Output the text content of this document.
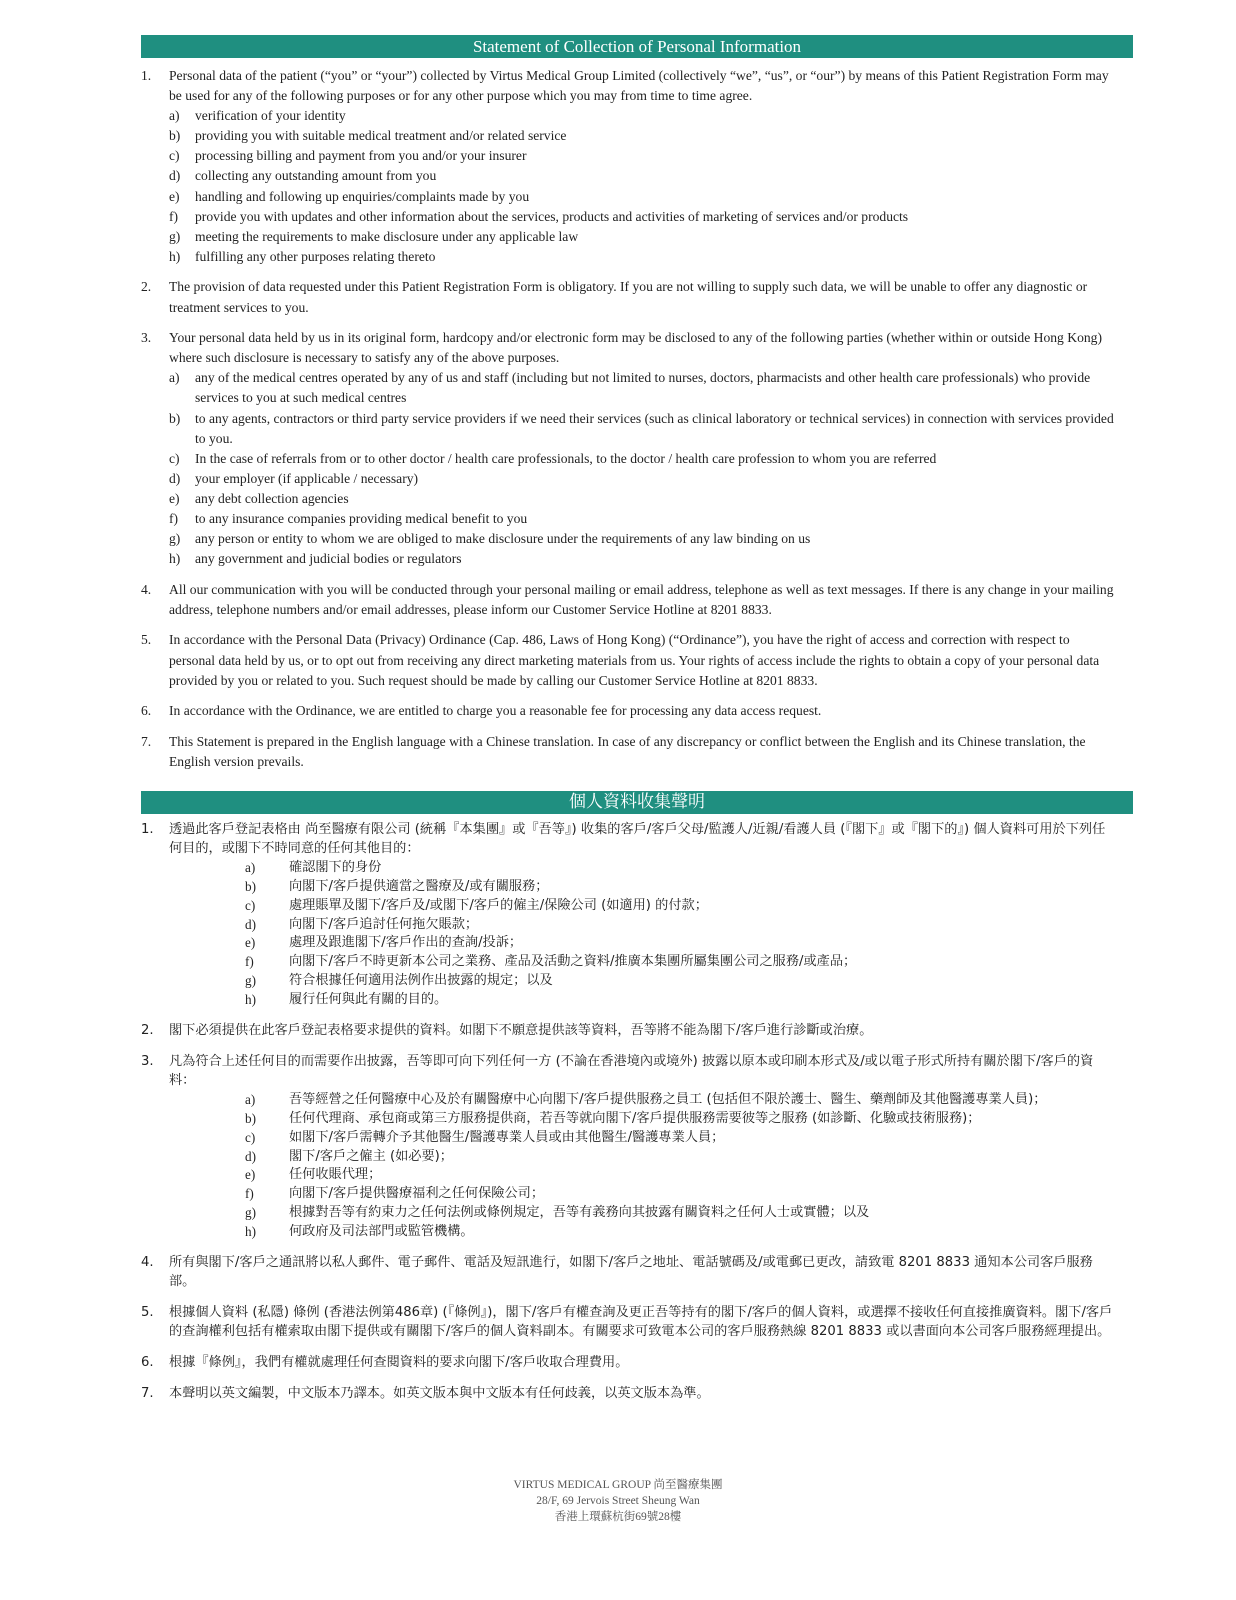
Statement of Collection of Personal Information
1. Personal data of the patient (“you” or “your”) collected by Virtus Medical Group Limited (collectively “we”, “us”, or “our”) by means of this Patient Registration Form may be used for any of the following purposes or for any other purpose which you may from time to time agree.

a) verification of your identity
b) providing you with suitable medical treatment and/or related service
c) processing billing and payment from you and/or your insurer
d) collecting any outstanding amount from you
e) handling and following up enquiries/complaints made by you
f) provide you with updates and other information about the services, products and activities of marketing of services and/or products
g) meeting the requirements to make disclosure under any applicable law
h) fulfilling any other purposes relating thereto
2. The provision of data requested under this Patient Registration Form is obligatory. If you are not willing to supply such data, we will be unable to offer any diagnostic or treatment services to you.

3. Your personal data held by us in its original form, hardcopy and/or electronic form may be disclosed to any of the following parties (whether within or outside Hong Kong) where such disclosure is necessary to satisfy any of the above purposes.

a) any of the medical centres operated by any of us and staff (including but not limited to nurses, doctors, pharmacists and other health care professionals) who provide services to you at such medical centres
b) to any agents, contractors or third party service providers if we need their services (such as clinical laboratory or technical services) in connection with services provided to you.
c) In the case of referrals from or to other doctor / health care professionals, to the doctor / health care profession to whom you are referred
d) your employer (if applicable / necessary)
e) any debt collection agencies
f) to any insurance companies providing medical benefit to you
g) any person or entity to whom we are obliged to make disclosure under the requirements of any law binding on us
h) any government and judicial bodies or regulators
4. All our communication with you will be conducted through your personal mailing or email address, telephone as well as text messages. If there is any change in your mailing address, telephone numbers and/or email addresses, please inform our Customer Service Hotline at 8201 8833.

5. In accordance with the Personal Data (Privacy) Ordinance (Cap. 486, Laws of Hong Kong) (“Ordinance”), you have the right of access and correction with respect to personal data held by us, or to opt out from receiving any direct marketing materials from us. Your rights of access include the rights to obtain a copy of your personal data provided by you or related to you. Such request should be made by calling our Customer Service Hotline at 8201 8833.

6. In accordance with the Ordinance, we are entitled to charge you a reasonable fee for processing any data access request.

7. This Statement is prepared in the English language with a Chinese translation. In case of any discrepancy or conflict between the English and its Chinese translation, the English version prevails.

個人資料收集聲明
1. 透過此客戶登記表格由 尚至醫療有限公司 (統稱『本集團』或『吾等』) 收集的客戶/客戶父母/監護人/近親/看護人員 (『閣下』或『閣下的』) 個人資料可用於下列任何目的，或閣下不時同意的任何其他目的：

a)	確認閣下的身份
b)	向閣下/客戶提供適當之醫療及/或有關服務；
c)	處理賬單及閣下/客戶及/或閣下/客戶的僱主/保險公司 (如適用) 的付款；
d)	向閣下/客戶追討任何拖欠賬款；
e)	處理及跟進閣下/客戶作出的查詢/投訴；
f)	向閣下/客戶不時更新本公司之業務、產品及活動之資料/推廣本集團所屬集團公司之服務/或產品；
g)	符合根據任何適用法例作出披露的規定；以及
h)	履行任何與此有關的目的。
2. 閣下必須提供在此客戶登記表格要求提供的資料。如閣下不願意提供該等資料，吾等將不能為閣下/客戶進行診斷或治療。

3. 凡為符合上述任何目的而需要作出披露，吾等即可向下列任何一方 (不論在香港境內或境外) 披露以原本或印刷本形式及/或以電子形式所持有關於閣下/客戶的資料：

a)	吾等經營之任何醫療中心及於有關醫療中心向閣下/客戶提供服務之員工 (包括但不限於護士、醫生、藥劑師及其他醫護專業人員)；
b)	任何代理商、承包商或第三方服務提供商，若吾等就向閣下/客戶提供服務需要彼等之服務 (如診斷、化驗或技術服務)；
c)	如閣下/客戶需轉介予其他醫生/醫護專業人員或由其他醫生/醫護專業人員；
d)	閣下/客戶之僱主 (如必要)；
e)	任何收賬代理；
f)	向閣下/客戶提供醫療福利之任何保險公司；
g)	根據對吾等有約束力之任何法例或條例規定，吾等有義務向其披露有關資料之任何人士或實體；以及
h)	何政府及司法部門或監管機構。
4. 所有與閣下/客戶之通訊將以私人郵件、電子郵件、電話及短訊進行，如閣下/客戶之地址、電話號碼及/或電郵已更改，請致電 8201 8833 通知本公司客戶服務部。

5. 根據個人資料 (私隱) 條例 (香港法例第486章) (『條例』)，閣下/客戶有權查詢及更正吾等持有的閣下/客戶的個人資料，或選擇不接收任何直接推廣資料。閣下/客戶的查詢權利包括有權索取由閣下提供或有關閣下/客戶的個人資料副本。有關要求可致電本公司的客戶服務熱線 8201 8833 或以書面向本公司客戶服務經理提出。

6. 根據『條例』，我們有權就處理任何查閱資料的要求向閣下/客戶收取合理費用。

7. 本聲明以英文編製，中文版本乃譯本。如英文版本與中文版本有任何歧義，以英文版本為準。

VIRTUS MEDICAL GROUP 尚至醫療集團
28/F, 69 Jervois Street Sheung Wan
香港上環蘇杭街69號28樓
